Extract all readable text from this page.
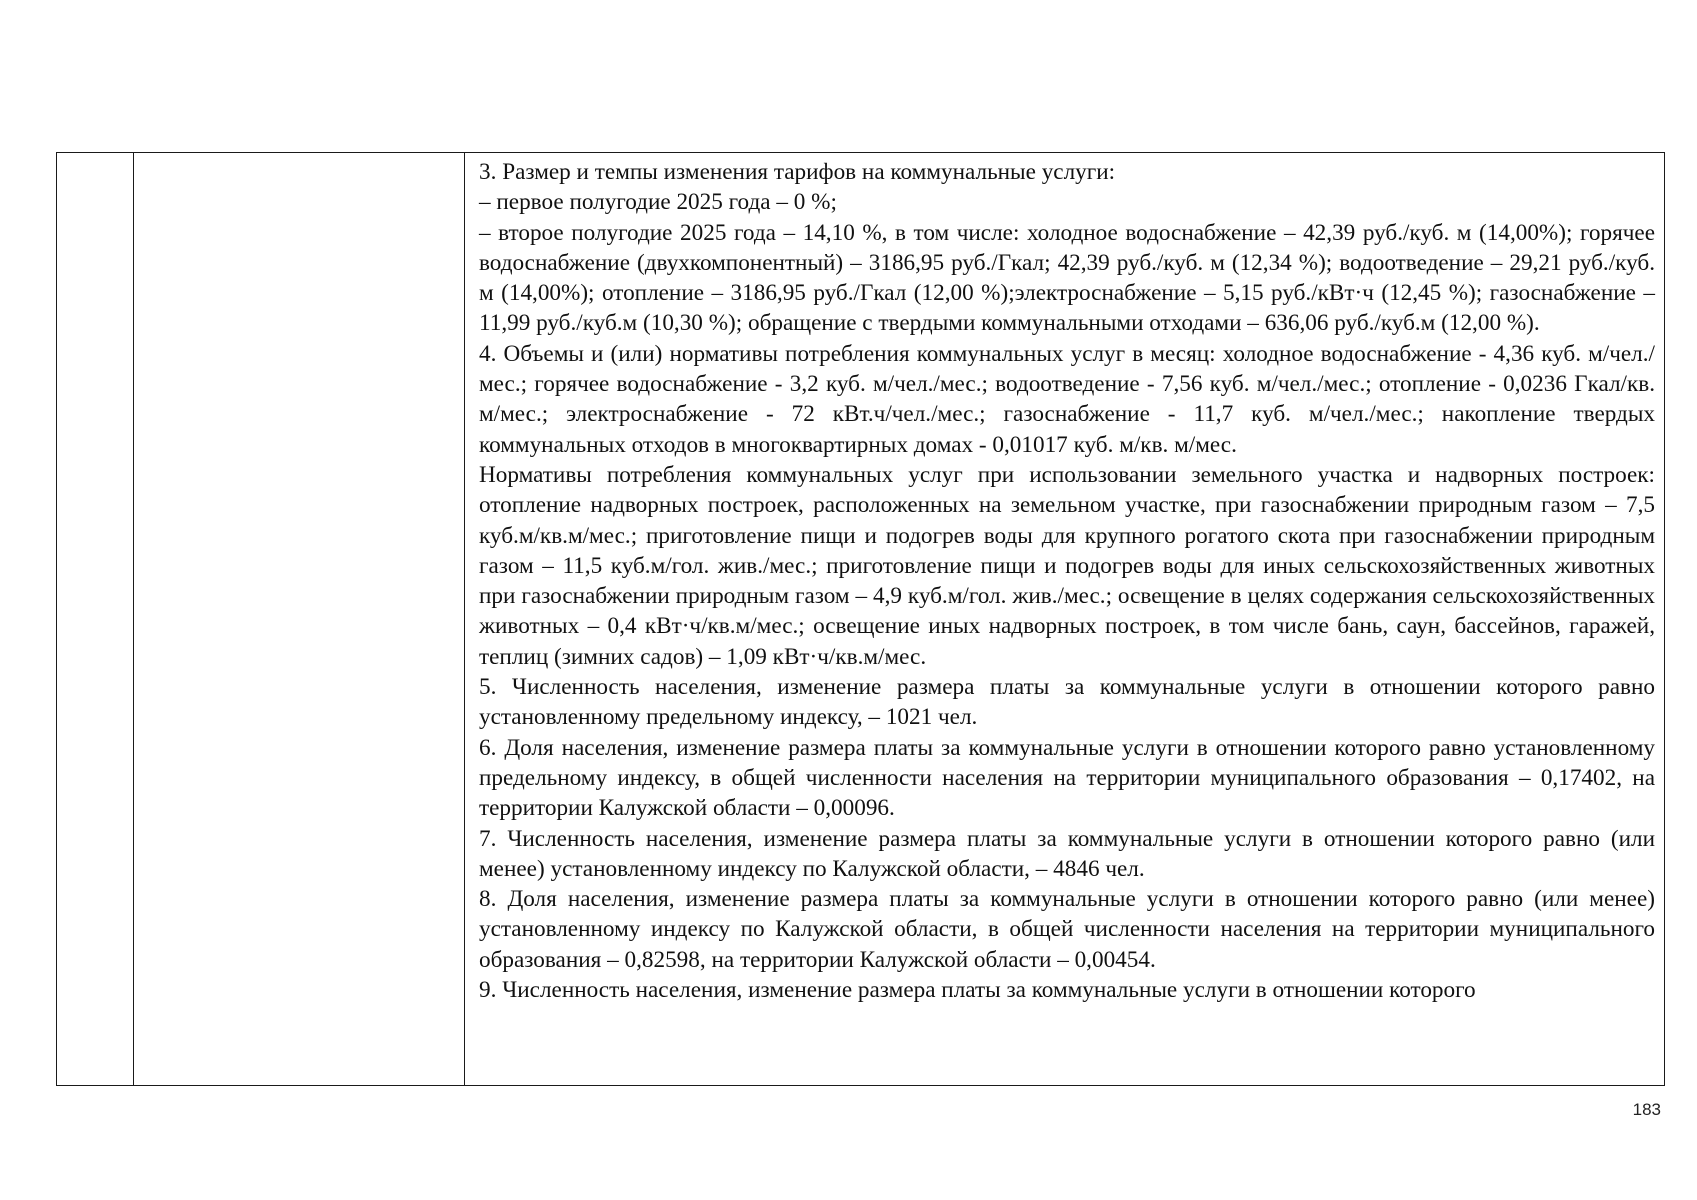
3. Размер и темпы изменения тарифов на коммунальные услуги:

– первое полугодие 2025 года – 0 %;

– второе полугодие 2025 года – 14,10 %, в том числе: холодное водоснабжение – 42,39 руб./куб. м (14,00%); горячее водоснабжение (двухкомпонентный) – 3186,95 руб./Гкал; 42,39 руб./куб. м (12,34 %); водоотведение – 29,21 руб./куб. м (14,00%); отопление – 3186,95 руб./Гкал (12,00 %);электроснабжение – 5,15 руб./кВт·ч (12,45 %); газоснабжение – 11,99 руб./куб.м (10,30 %); обращение с твердыми коммунальными отходами – 636,06 руб./куб.м (12,00 %).

4. Объемы и (или) нормативы потребления коммунальных услуг в месяц: холодное водоснабжение - 4,36 куб. м/чел./мес.; горячее водоснабжение - 3,2 куб. м/чел./мес.; водоотведение - 7,56 куб. м/чел./мес.; отопление - 0,0236 Гкал/кв. м/мес.; электроснабжение - 72 кВт.ч/чел./мес.; газоснабжение - 11,7 куб. м/чел./мес.; накопление твердых коммунальных отходов в многоквартирных домах - 0,01017 куб. м/кв. м/мес.

Нормативы потребления коммунальных услуг при использовании земельного участка и надворных построек: отопление надворных построек, расположенных на земельном участке, при газоснабжении природным газом – 7,5 куб.м/кв.м/мес.; приготовление пищи и подогрев воды для крупного рогатого скота при газоснабжении природным газом – 11,5 куб.м/гол. жив./мес.; приготовление пищи и подогрев воды для иных сельскохозяйственных животных при газоснабжении природным газом – 4,9 куб.м/гол. жив./мес.; освещение в целях содержания сельскохозяйственных животных – 0,4 кВт·ч/кв.м/мес.; освещение иных надворных построек, в том числе бань, саун, бассейнов, гаражей, теплиц (зимних садов) – 1,09 кВт·ч/кв.м/мес.

5. Численность населения, изменение размера платы за коммунальные услуги в отношении которого равно установленному предельному индексу, – 1021 чел.

6. Доля населения, изменение размера платы за коммунальные услуги в отношении которого равно установленному предельному индексу, в общей численности населения на территории муниципального образования – 0,17402, на территории Калужской области – 0,00096.

7. Численность населения, изменение размера платы за коммунальные услуги в отношении которого равно (или менее) установленному индексу по Калужской области, – 4846 чел.

8. Доля населения, изменение размера платы за коммунальные услуги в отношении которого равно (или менее) установленному индексу по Калужской области, в общей численности населения на территории муниципального образования – 0,82598, на территории Калужской области – 0,00454.

9. Численность населения, изменение размера платы за коммунальные услуги в отношении которого

183
